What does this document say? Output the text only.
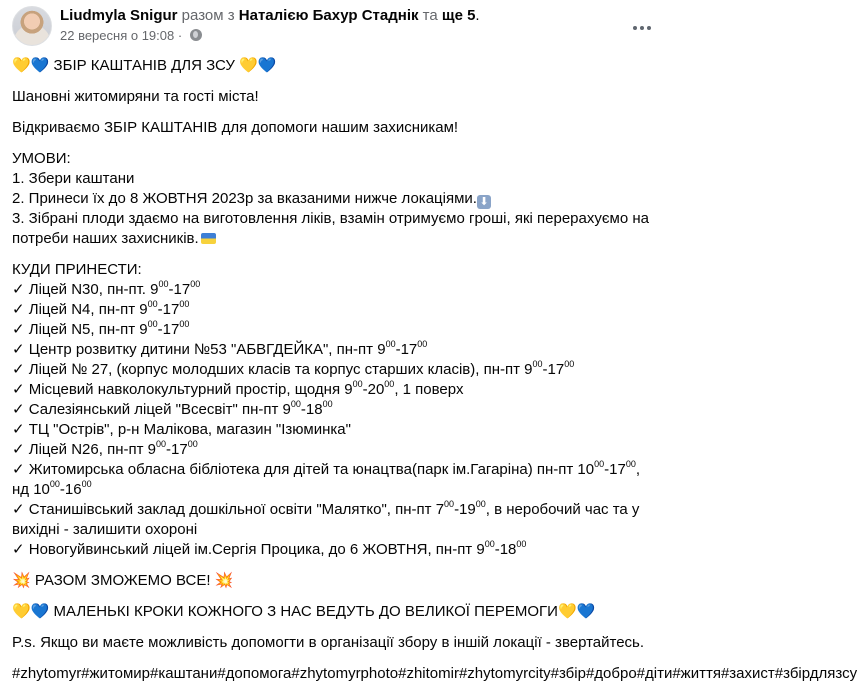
Liudmyla Snigur разом з Наталією Бахур Стаднік та ще 5.
22 вересня о 19:08 ·

💛💙 ЗБІР КАШТАНІВ ДЛЯ ЗСУ 💛💙

Шановні житомиряни та гості міста!

Відкриваємо ЗБІР КАШТАНІВ для допомоги нашим захисникам!

УМОВИ:

1. Збери каштани

2. Принеси їх до 8 ЖОВТНЯ 2023р за вказаними нижче локаціями. ⬇

3. Зібрані плоди здаємо на виготовлення ліків, взамін отримуємо гроші, які перерахуємо на потреби наших захисників.

КУДИ ПРИНЕСТИ:

✓ Ліцей N30, пн-пт. $9^{00}-17^{00}$

✓ Ліцей N4, пн-пт $9^{00}-17^{00}$

✓ Ліцей N5, пн-пт $9^{00}-17^{00}$

✓ Центр розвитку дитини №53 "АБВГДЕЙКА", пн-пт $9^{00}-17^{00}$

✓ Ліцей № 27, (корпус молодших класів та корпус старших класів), пн-пт $9^{00}-17^{00}$

✓ Місцевий навколокультурний простір, щодня $9^{00}-20^{00}$, 1 поверх

✓ Салезіянський ліцей "Всесвіт" пн-пт $9^{00}-18^{00}$

✓ ТЦ "Острів", р-н Малікова, магазин "Ізюминка"

✓ Ліцей N26, пн-пт $9^{00}-17^{00}$

✓ Житомирська обласна бібліотека для дітей та юнацтва(парк ім.Гагаріна) пн-пт $10^{00}-17^{00}$, нд $10^{00}-16^{00}$

✓ Станишівський заклад дошкільної освіти "Малятко", пн-пт $7^{00}-19^{00}$, в неробочий час та у вихідні - залишити охороні

✓ Новогуйвинський ліцей ім.Сергія Процика, до 6 ЖОВТНЯ, пн-пт $9^{00}-18^{00}$

💥 РАЗОМ ЗМОЖЕМО ВСЕ! 💥

💛💙 МАЛЕНЬКІ КРОКИ КОЖНОГО З НАС ВЕДУТЬ ДО ВЕЛИКОЇ ПЕРЕМОГИ💛💙

P.s. Якщо ви маєте можливість допомогти в організації збору в іншій локації - звертайтесь.

#zhytomyr#житомир#каштани#допомога#zhytomyrphoto#zhitomir#zhytomyrcity#збір#добро#діти#життя#захист#збірдлязсу
